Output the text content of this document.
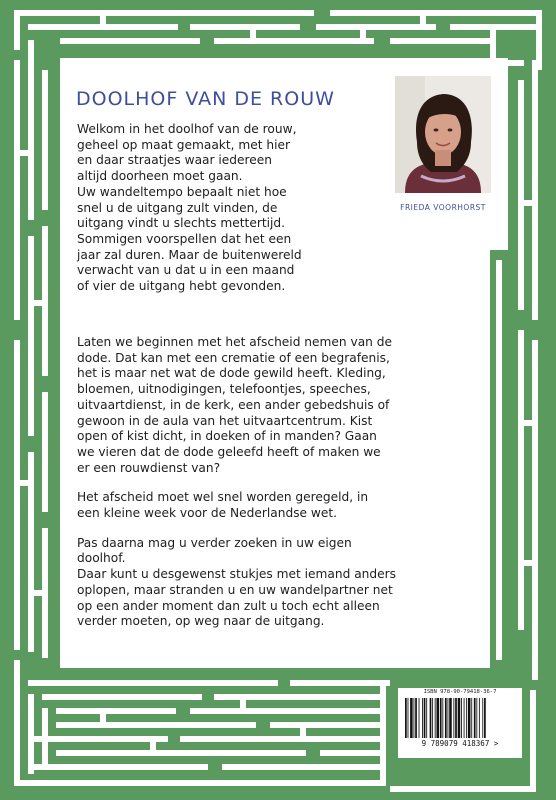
DOOLHOF VAN DE ROUW
Welkom in het doolhof van de rouw,
geheel op maat gemaakt, met hier
en daar straatjes waar iedereen
altijd doorheen moet gaan.
Uw wandeltempo bepaalt niet hoe
snel u de uitgang zult vinden, de
uitgang vindt u slechts mettertijd.
Sommigen voorspellen dat het een
jaar zal duren. Maar de buitenwereld
verwacht van u dat u in een maand
of vier de uitgang hebt gevonden.
FRIEDA VOORHORST

Laten we beginnen met het afscheid nemen van de
dode. Dat kan met een crematie of een begrafenis,
het is maar net wat de dode gewild heeft. Kleding,
bloemen, uitnodigingen, telefoontjes, speeches,
uitvaartdienst, in de kerk, een ander gebedshuis of
gewoon in de aula van het uitvaartcentrum. Kist
open of kist dicht, in doeken of in manden? Gaan
we vieren dat de dode geleefd heeft of maken we
er een rouwdienst van?

Het afscheid moet wel snel worden geregeld, in
een kleine week voor de Nederlandse wet.

Pas daarna mag u verder zoeken in uw eigen
doolhof.
Daar kunt u desgewenst stukjes met iemand anders
oplopen, maar stranden u en uw wandelpartner net
op een ander moment dan zult u toch echt alleen
verder moeten, op weg naar de uitgang.

ISBN 978-90-79418-36-7
9 789079 418367 >
